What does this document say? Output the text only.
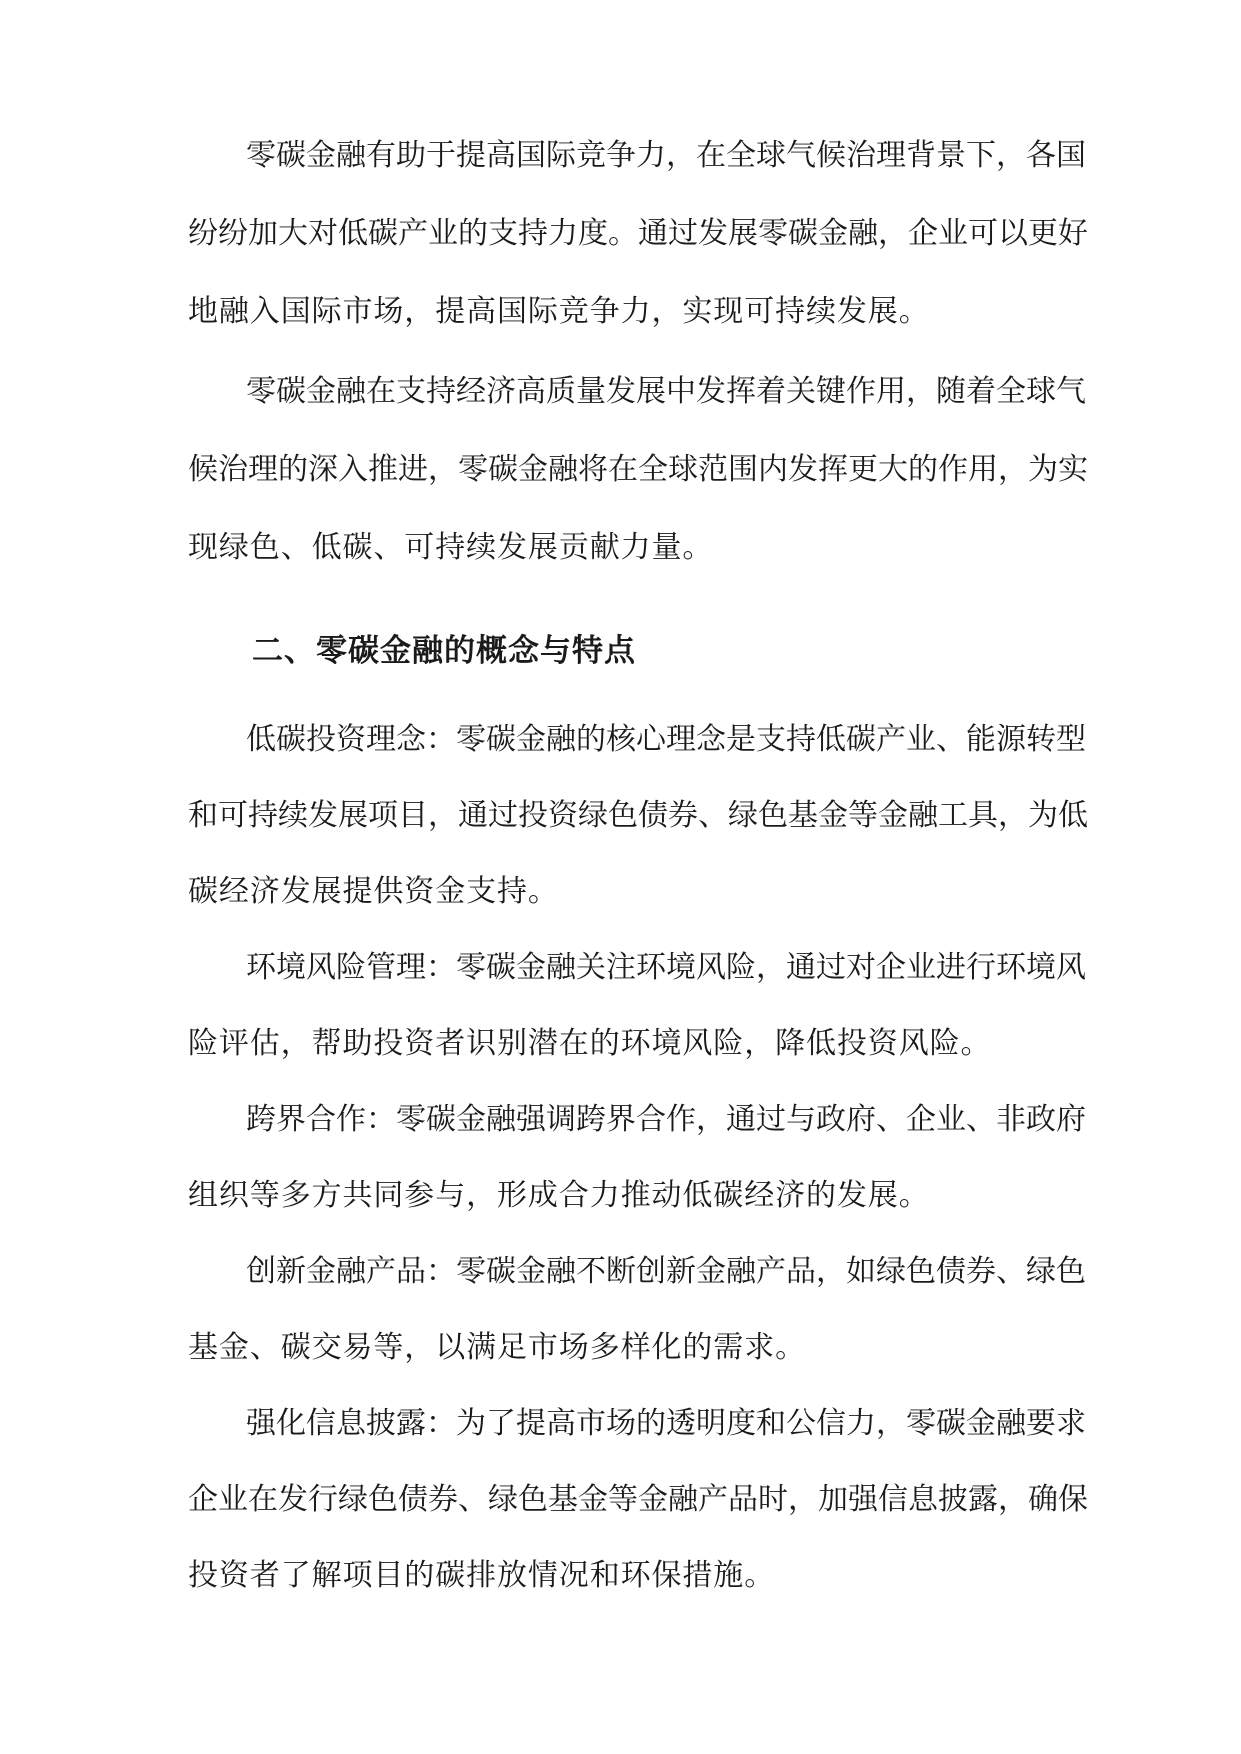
零 碳 金 融 有 助 于 提 高 国 际 竞 争 力 ， 在 全 球 气 候 治 理 背 景 下 ， 各 国
纷 纷 加 大 对 低 碳 产 业 的 支 持 力 度 。 通 过 发 展 零 碳 金 融 ， 企 业 可 以 更 好
地融入国际市场，提高国际竞争力，实现可持续发展。
零 碳 金 融 在 支 持 经 济 高 质 量 发 展 中 发 挥 着 关 键 作 用 ， 随 着 全 球 气
候 治 理 的 深 入 推 进 ， 零 碳 金 融 将 在 全 球 范 围 内 发 挥 更 大 的 作 用 ， 为 实
现绿色、低碳、可持续发展贡献力量。
二、零碳金融的概念与特点
低 碳 投 资 理 念 ： 零 碳 金 融 的 核 心 理 念 是 支 持 低 碳 产 业 、 能 源 转 型
和 可 持 续 发 展 项 目 ， 通 过 投 资 绿 色 债 券 、 绿 色 基 金 等 金 融 工 具 ， 为 低
碳经济发展提供资金支持。
环 境 风 险 管 理 ： 零 碳 金 融 关 注 环 境 风 险 ， 通 过 对 企 业 进 行 环 境 风
险评估，帮助投资者识别潜在的环境风险，降低投资风险。
跨 界 合 作 ： 零 碳 金 融 强 调 跨 界 合 作 ， 通 过 与 政 府 、 企 业 、 非 政 府
组织等多方共同参与，形成合力推动低碳经济的发展。
创 新 金 融 产 品 ： 零 碳 金 融 不 断 创 新 金 融 产 品 ， 如 绿 色 债 券 、 绿 色
基金、碳交易等，以满足市场多样化的需求。
强 化 信 息 披 露 ： 为 了 提 高 市 场 的 透 明 度 和 公 信 力 ， 零 碳 金 融 要 求
企 业 在 发 行 绿 色 债 券 、 绿 色 基 金 等 金 融 产 品 时 ， 加 强 信 息 披 露 ， 确 保
投资者了解项目的碳排放情况和环保措施。
